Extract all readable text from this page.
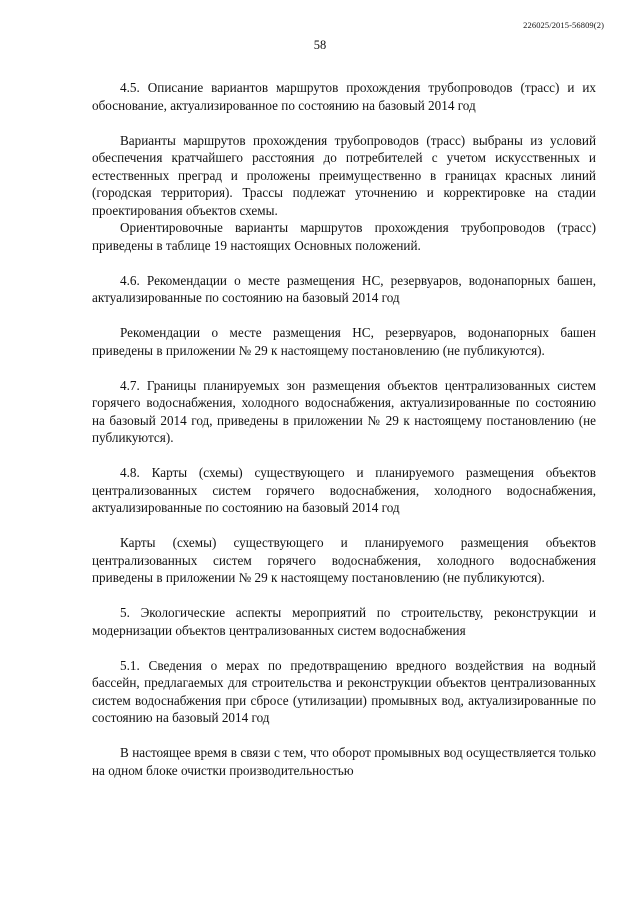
226025/2015-56809(2)
58

4.5. Описание вариантов маршрутов прохождения трубопроводов (трасс) и их обоснование, актуализированное по состоянию на базовый 2014 год

Варианты маршрутов прохождения трубопроводов (трасс) выбраны из условий обеспечения кратчайшего расстояния до потребителей с учетом искусственных и естественных преград и проложены преимущественно в границах красных линий (городская территория). Трассы подлежат уточнению и корректировке на стадии проектирования объектов схемы.

Ориентировочные варианты маршрутов прохождения трубопроводов (трасс) приведены в таблице 19 настоящих Основных положений.

4.6. Рекомендации о месте размещения НС, резервуаров, водонапорных башен, актуализированные по состоянию на базовый 2014 год

Рекомендации о месте размещения НС, резервуаров, водонапорных башен приведены в приложении № 29 к настоящему постановлению (не публикуются).

4.7. Границы планируемых зон размещения объектов централизованных систем горячего водоснабжения, холодного водоснабжения, актуализированные по состоянию на базовый 2014 год, приведены в приложении № 29 к настоящему постановлению (не публикуются).

4.8. Карты (схемы) существующего и планируемого размещения объектов централизованных систем горячего водоснабжения, холодного водоснабжения, актуализированные по состоянию на базовый 2014 год

Карты (схемы) существующего и планируемого размещения объектов централизованных систем горячего водоснабжения, холодного водоснабжения приведены в приложении № 29 к настоящему постановлению (не публикуются).

5. Экологические аспекты мероприятий по строительству, реконструкции и модернизации объектов централизованных систем водоснабжения

5.1. Сведения о мерах по предотвращению вредного воздействия на водный бассейн, предлагаемых для строительства и реконструкции объектов централизованных систем водоснабжения при сбросе (утилизации) промывных вод, актуализированные по состоянию на базовый 2014 год

В настоящее время в связи с тем, что оборот промывных вод осуществляется только на одном блоке очистки производительностью
